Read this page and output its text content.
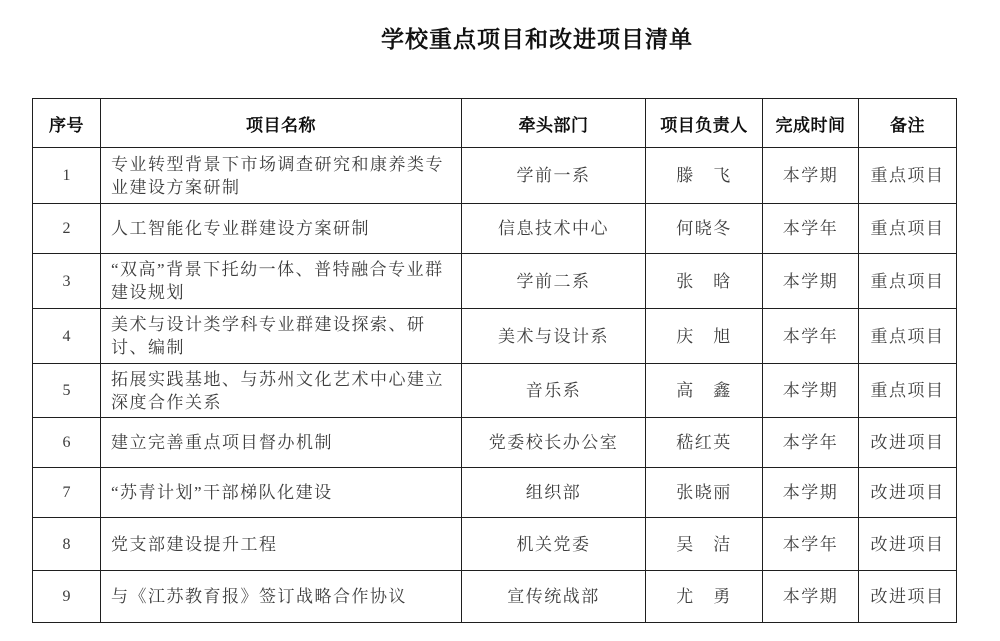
学校重点项目和改进项目清单
序号	项目名称	牵头部门	项目负责人	完成时间	备注
1	专业转型背景下市场调查研究和康养类专业建设方案研制	学前一系	滕　飞	本学期	重点项目
2	人工智能化专业群建设方案研制	信息技术中心	何晓冬	本学年	重点项目
3	“双高”背景下托幼一体、普特融合专业群建设规划	学前二系	张　晗	本学期	重点项目
4	美术与设计类学科专业群建设探索、研讨、编制	美术与设计系	庆　旭	本学年	重点项目
5	拓展实践基地、与苏州文化艺术中心建立深度合作关系	音乐系	高　鑫	本学期	重点项目
6	建立完善重点项目督办机制	党委校长办公室	嵇红英	本学年	改进项目
7	“苏青计划”干部梯队化建设	组织部	张晓丽	本学期	改进项目
8	党支部建设提升工程	机关党委	吴　洁	本学年	改进项目
9	与《江苏教育报》签订战略合作协议	宣传统战部	尤　勇	本学期	改进项目
